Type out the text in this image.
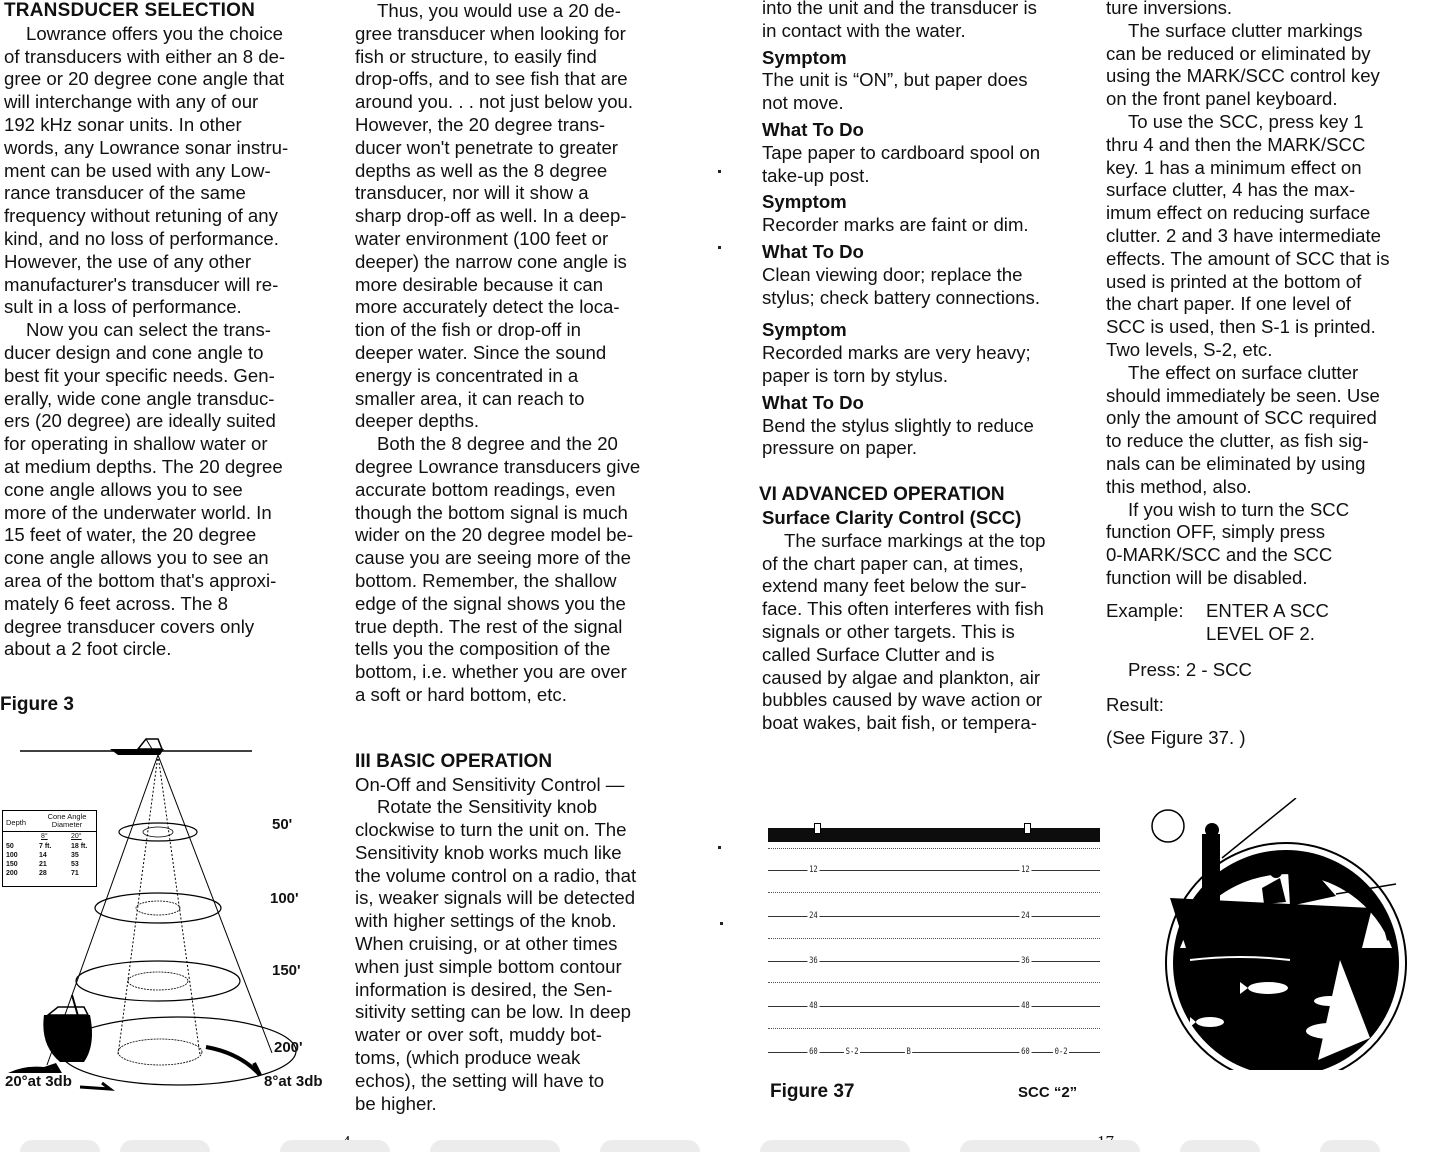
TRANSDUCER SELECTION

Lowrance offers you the choice

of transducers with either an 8 de-

gree or 20 degree cone angle that

will interchange with any of our

192 kHz sonar units. In other

words, any Lowrance sonar instru-

ment can be used with any Low-

rance transducer of the same

frequency without retuning of any

kind, and no loss of performance.

However, the use of any other

manufacturer's transducer will re-

sult in a loss of performance.

Now you can select the trans-

ducer design and cone angle to

best fit your specific needs. Gen-

erally, wide cone angle transduc-

ers (20 degree) are ideally suited

for operating in shallow water or

at medium depths. The 20 degree

cone angle allows you to see

more of the underwater world. In

15 feet of water, the 20 degree

cone angle allows you to see an

area of the bottom that's approxi-

mately 6 feet across. The 8

degree transducer covers only

about a 2 foot circle.

Figure 3
Depth
Cone Angle Diameter
8°	20°
50	7 ft.	18 ft.
100	14	35
150	21	53
200	28	71
50'
100'
150'
200'
20°at 3db	8°at 3db

Thus, you would use a 20 de-

gree transducer when looking for

fish or structure, to easily find

drop-offs, and to see fish that are

around you. . . not just below you.

However, the 20 degree trans-

ducer won't penetrate to greater

depths as well as the 8 degree

transducer, nor will it show a

sharp drop-off as well. In a deep-

water environment (100 feet or

deeper) the narrow cone angle is

more desirable because it can

more accurately detect the loca-

tion of the fish or drop-off in

deeper water. Since the sound

energy is concentrated in a

smaller area, it can reach to

deeper depths.

Both the 8 degree and the 20

degree Lowrance transducers give

accurate bottom readings, even

though the bottom signal is much

wider on the 20 degree model be-

cause you are seeing more of the

bottom. Remember, the shallow

edge of the signal shows you the

true depth. The rest of the signal

tells you the composition of the

bottom, i.e. whether you are over

a soft or hard bottom, etc.

III BASIC OPERATION
On-Off and Sensitivity Control —

Rotate the Sensitivity knob

clockwise to turn the unit on. The

Sensitivity knob works much like

the volume control on a radio, that

is, weaker signals will be detected

with higher settings of the knob.

When cruising, or at other times

when just simple bottom contour

information is desired, the Sen-

sitivity setting can be low. In deep

water or over soft, muddy bot-

toms, (which produce weak

echos), the setting will have to

be higher.

into the unit and the transducer is

in contact with the water.

Symptom

The unit is “ON”, but paper does

not move.

What To Do

Tape paper to cardboard spool on

take-up post.

Symptom

Recorder marks are faint or dim.

What To Do

Clean viewing door; replace the

stylus; check battery connections.

Symptom

Recorded marks are very heavy;

paper is torn by stylus.

What To Do

Bend the stylus slightly to reduce

pressure on paper.

VI ADVANCED OPERATION
Surface Clarity Control (SCC)

The surface markings at the top

of the chart paper can, at times,

extend many feet below the sur-

face. This often interferes with fish

signals or other targets. This is

called Surface Clutter and is

caused by algae and plankton, air

bubbles caused by wave action or

boat wakes, bait fish, or tempera-

12	12
24	24
36	36
48	48
60	S-2	B	60	0-2
Figure 37	SCC “2”

ture inversions.

The surface clutter markings

can be reduced or eliminated by

using the MARK/SCC control key

on the front panel keyboard.

To use the SCC, press key 1

thru 4 and then the MARK/SCC

key. 1 has a minimum effect on

surface clutter, 4 has the max-

imum effect on reducing surface

clutter. 2 and 3 have intermediate

effects. The amount of SCC that is

used is printed at the bottom of

the chart paper. If one level of

SCC is used, then S-1 is printed.

Two levels, S-2, etc.

The effect on surface clutter

should immediately be seen. Use

only the amount of SCC required

to reduce the clutter, as fish sig-

nals can be eliminated by using

this method, also.

If you wish to turn the SCC

function OFF, simply press

0-MARK/SCC and the SCC

function will be disabled.

Example:	ENTER A SCC

LEVEL OF 2.

Press: 2 - SCC

Result:

(See Figure 37. )
